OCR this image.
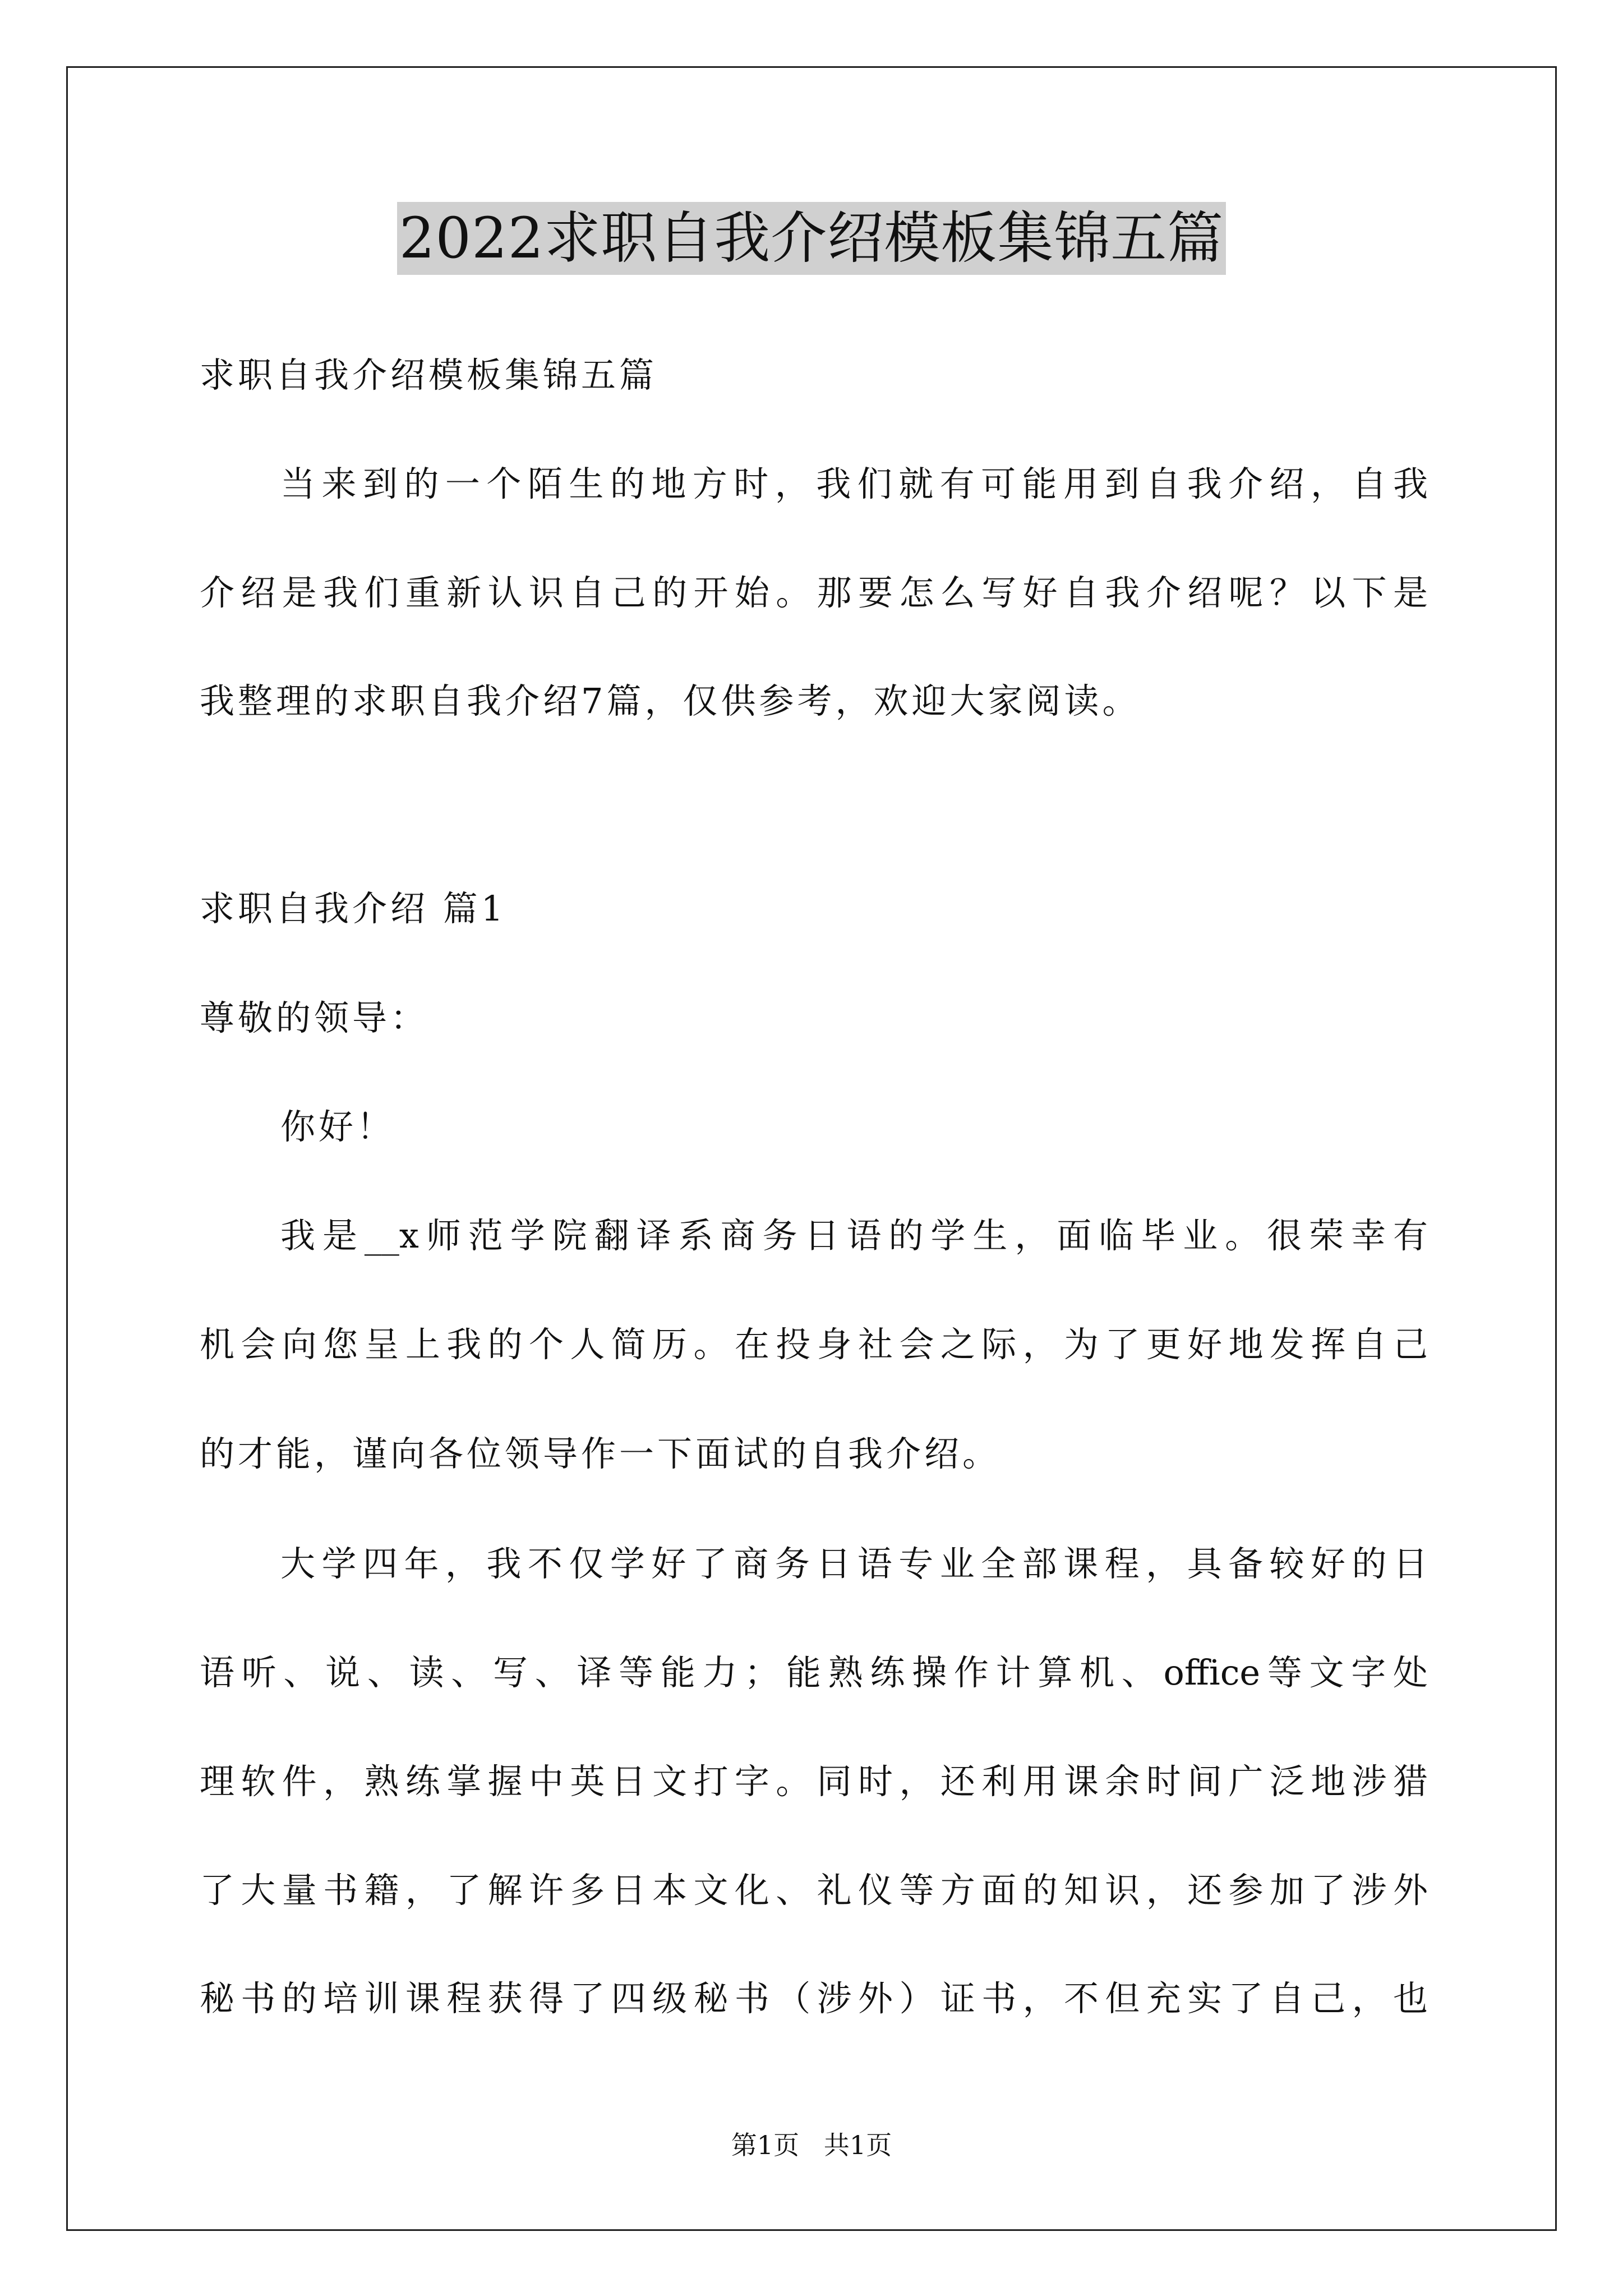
2022求职自我介绍模板集锦五篇
求职自我介绍模板集锦五篇
当来到的一个陌生的地方时，我们就有可能用到自我介绍，自我
介绍是我们重新认识自己的开始。那要怎么写好自我介绍呢？以下是
我整理的求职自我介绍7篇，仅供参考，欢迎大家阅读。
求职自我介绍 篇1
尊敬的领导：
你好！
我是__x师范学院翻译系商务日语的学生，面临毕业。很荣幸有
机会向您呈上我的个人简历。在投身社会之际，为了更好地发挥自己
的才能，谨向各位领导作一下面试的自我介绍。
大学四年，我不仅学好了商务日语专业全部课程，具备较好的日
语听、说、读、写、译等能力；能熟练操作计算机、office等文字处
理软件，熟练掌握中英日文打字。同时，还利用课余时间广泛地涉猎
了大量书籍，了解许多日本文化、礼仪等方面的知识，还参加了涉外
秘书的培训课程获得了四级秘书（涉外）证书，不但充实了自己，也
第1页   共1页
